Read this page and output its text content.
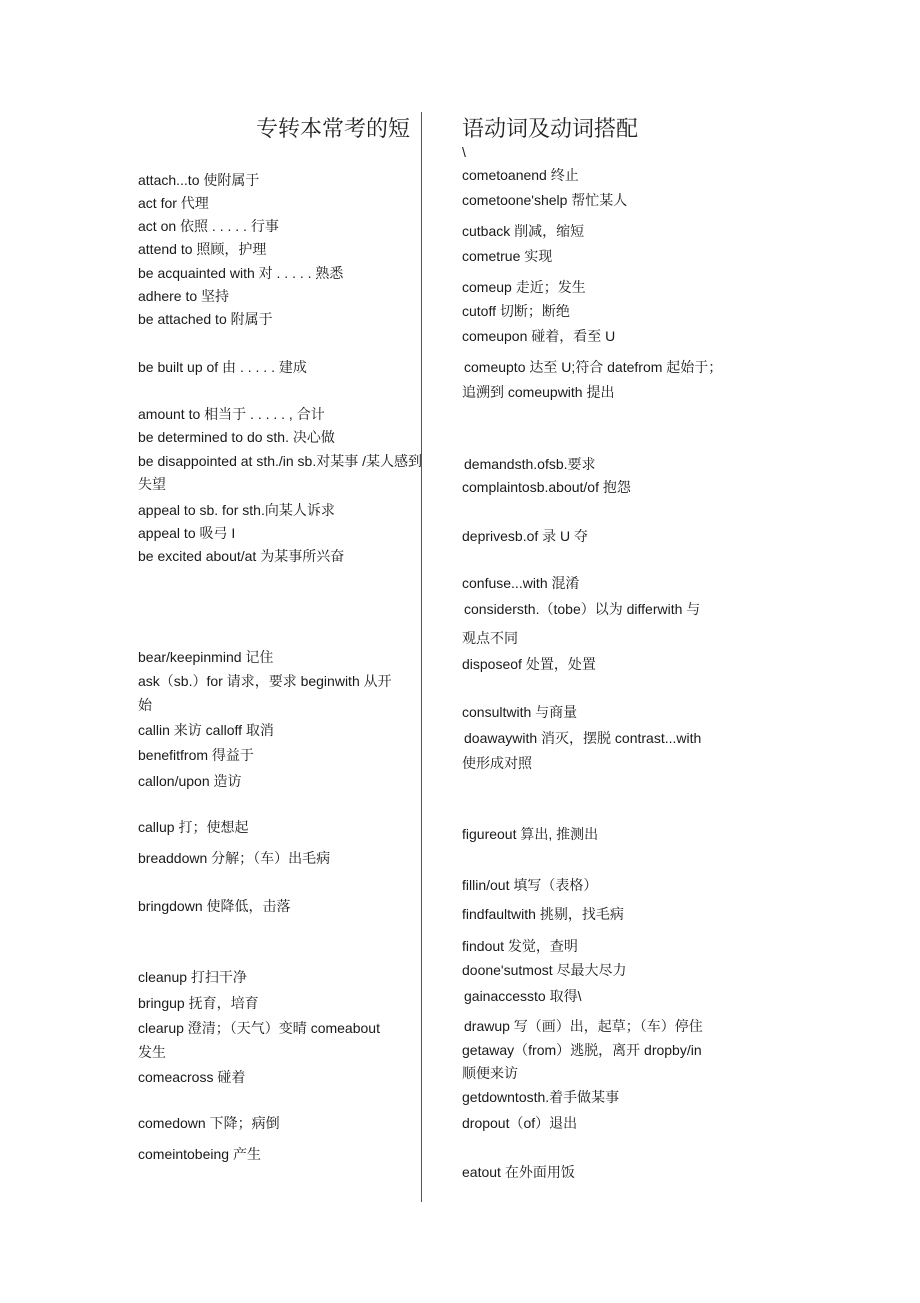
专转本常考的短 语动词及动词搭配
attach...to 使附属于
act for 代理
act on 依照 . . . . . 行事
attend to 照顾，护理
be acquainted with 对 . . . . . 熟悉
adhere to 坚持
be attached to 附属于
be built up of 由 . . . . . 建成
amount to 相当于 . . . . . , 合计
be determined to do sth. 决心做
be disappointed at sth./in sb.对某事 /某人感到
失望
appeal to sb. for sth.向某人诉求
appeal to 吸弓 I
be excited about/at 为某事所兴奋
bear/keepinmind 记住
ask（sb.）for 请求，要求 beginwith 从开
始
callin 来访 calloff 取消
benefitfrom 得益于
callon/upon 造访
callup 打；使想起
breaddown 分解；（车）出毛病
bringdown 使降低，击落
cleanup 打扫干净
bringup 抚育，培育
clearup 澄清；（天气）变晴 comeabout
发生
comeacross 碰着
comedown 下降；病倒
comeintobeing 产生
\
cometoanend 终止
cometoone'shelp 帮忙某人
cutback 削减，缩短
cometrue 实现
comeup 走近；发生
cutoff 切断；断绝
comeupon 碰着，看至 U
comeupto 达至 U;符合 datefrom 起始于；
追溯到 comeupwith 提出
demandsth.ofsb.要求
complaintosb.about/of 抱怨
deprivesb.of 录 U 夺
confuse...with 混淆
considersth.（tobe）以为 differwith 与
观点不同
disposeof 处置，处置
consultwith 与商量
doawaywith 消灭，摆脱 contrast...with
使形成对照
figureout 算出, 推测出
fillin/out 填写（表格）
findfaultwith 挑剔，找毛病
findout 发觉，查明
doone'sutmost 尽最大尽力
gainaccessto 取得\
drawup 写（画）出，起草；（车）停住
getaway（from）逃脱，离开 dropby/in
顺便来访
getdowntosth.着手做某事
dropout（of）退出
eatout 在外面用饭
